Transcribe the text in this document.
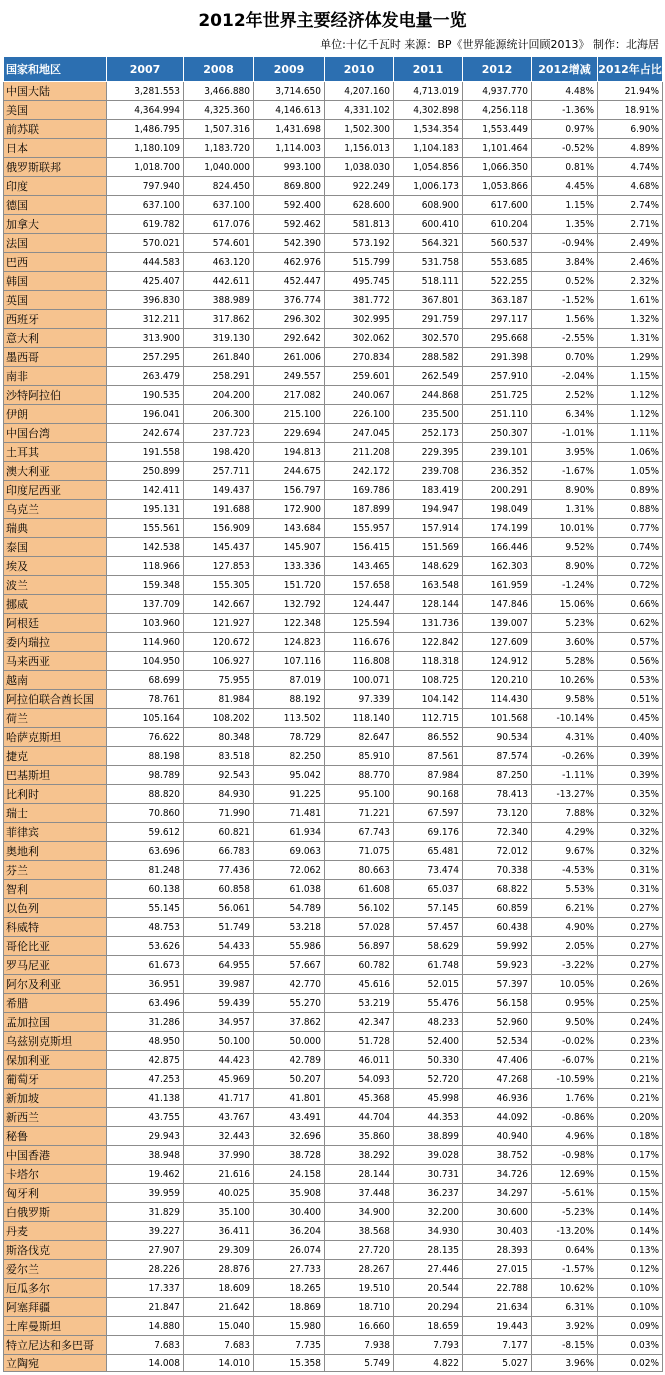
2012年世界主要经济体发电量一览
单位:十亿千瓦时 来源：BP《世界能源统计回顾2013》 制作：北海居
国家和地区	2007	2008	2009	2010	2011	2012	2012增减	2012年占比
中国大陆	3,281.553	3,466.880	3,714.650	4,207.160	4,713.019	4,937.770	4.48%	21.94%
美国	4,364.994	4,325.360	4,146.613	4,331.102	4,302.898	4,256.118	-1.36%	18.91%
前苏联	1,486.795	1,507.316	1,431.698	1,502.300	1,534.354	1,553.449	0.97%	6.90%
日本	1,180.109	1,183.720	1,114.003	1,156.013	1,104.183	1,101.464	-0.52%	4.89%
俄罗斯联邦	1,018.700	1,040.000	993.100	1,038.030	1,054.856	1,066.350	0.81%	4.74%
印度	797.940	824.450	869.800	922.249	1,006.173	1,053.866	4.45%	4.68%
德国	637.100	637.100	592.400	628.600	608.900	617.600	1.15%	2.74%
加拿大	619.782	617.076	592.462	581.813	600.410	610.204	1.35%	2.71%
法国	570.021	574.601	542.390	573.192	564.321	560.537	-0.94%	2.49%
巴西	444.583	463.120	462.976	515.799	531.758	553.685	3.84%	2.46%
韩国	425.407	442.611	452.447	495.745	518.111	522.255	0.52%	2.32%
英国	396.830	388.989	376.774	381.772	367.801	363.187	-1.52%	1.61%
西班牙	312.211	317.862	296.302	302.995	291.759	297.117	1.56%	1.32%
意大利	313.900	319.130	292.642	302.062	302.570	295.668	-2.55%	1.31%
墨西哥	257.295	261.840	261.006	270.834	288.582	291.398	0.70%	1.29%
南非	263.479	258.291	249.557	259.601	262.549	257.910	-2.04%	1.15%
沙特阿拉伯	190.535	204.200	217.082	240.067	244.868	251.725	2.52%	1.12%
伊朗	196.041	206.300	215.100	226.100	235.500	251.110	6.34%	1.12%
中国台湾	242.674	237.723	229.694	247.045	252.173	250.307	-1.01%	1.11%
土耳其	191.558	198.420	194.813	211.208	229.395	239.101	3.95%	1.06%
澳大利亚	250.899	257.711	244.675	242.172	239.708	236.352	-1.67%	1.05%
印度尼西亚	142.411	149.437	156.797	169.786	183.419	200.291	8.90%	0.89%
乌克兰	195.131	191.688	172.900	187.899	194.947	198.049	1.31%	0.88%
瑞典	155.561	156.909	143.684	155.957	157.914	174.199	10.01%	0.77%
泰国	142.538	145.437	145.907	156.415	151.569	166.446	9.52%	0.74%
埃及	118.966	127.853	133.336	143.465	148.629	162.303	8.90%	0.72%
波兰	159.348	155.305	151.720	157.658	163.548	161.959	-1.24%	0.72%
挪威	137.709	142.667	132.792	124.447	128.144	147.846	15.06%	0.66%
阿根廷	103.960	121.927	122.348	125.594	131.736	139.007	5.23%	0.62%
委内瑞拉	114.960	120.672	124.823	116.676	122.842	127.609	3.60%	0.57%
马来西亚	104.950	106.927	107.116	116.808	118.318	124.912	5.28%	0.56%
越南	68.699	75.955	87.019	100.071	108.725	120.210	10.26%	0.53%
阿拉伯联合酋长国	78.761	81.984	88.192	97.339	104.142	114.430	9.58%	0.51%
荷兰	105.164	108.202	113.502	118.140	112.715	101.568	-10.14%	0.45%
哈萨克斯坦	76.622	80.348	78.729	82.647	86.552	90.534	4.31%	0.40%
捷克	88.198	83.518	82.250	85.910	87.561	87.574	-0.26%	0.39%
巴基斯坦	98.789	92.543	95.042	88.770	87.984	87.250	-1.11%	0.39%
比利时	88.820	84.930	91.225	95.100	90.168	78.413	-13.27%	0.35%
瑞士	70.860	71.990	71.481	71.221	67.597	73.120	7.88%	0.32%
菲律宾	59.612	60.821	61.934	67.743	69.176	72.340	4.29%	0.32%
奥地利	63.696	66.783	69.063	71.075	65.481	72.012	9.67%	0.32%
芬兰	81.248	77.436	72.062	80.663	73.474	70.338	-4.53%	0.31%
智利	60.138	60.858	61.038	61.608	65.037	68.822	5.53%	0.31%
以色列	55.145	56.061	54.789	56.102	57.145	60.859	6.21%	0.27%
科威特	48.753	51.749	53.218	57.028	57.457	60.438	4.90%	0.27%
哥伦比亚	53.626	54.433	55.986	56.897	58.629	59.992	2.05%	0.27%
罗马尼亚	61.673	64.955	57.667	60.782	61.748	59.923	-3.22%	0.27%
阿尔及利亚	36.951	39.987	42.770	45.616	52.015	57.397	10.05%	0.26%
希腊	63.496	59.439	55.270	53.219	55.476	56.158	0.95%	0.25%
孟加拉国	31.286	34.957	37.862	42.347	48.233	52.960	9.50%	0.24%
乌兹别克斯坦	48.950	50.100	50.000	51.728	52.400	52.534	-0.02%	0.23%
保加利亚	42.875	44.423	42.789	46.011	50.330	47.406	-6.07%	0.21%
葡萄牙	47.253	45.969	50.207	54.093	52.720	47.268	-10.59%	0.21%
新加坡	41.138	41.717	41.801	45.368	45.998	46.936	1.76%	0.21%
新西兰	43.755	43.767	43.491	44.704	44.353	44.092	-0.86%	0.20%
秘鲁	29.943	32.443	32.696	35.860	38.899	40.940	4.96%	0.18%
中国香港	38.948	37.990	38.728	38.292	39.028	38.752	-0.98%	0.17%
卡塔尔	19.462	21.616	24.158	28.144	30.731	34.726	12.69%	0.15%
匈牙利	39.959	40.025	35.908	37.448	36.237	34.297	-5.61%	0.15%
白俄罗斯	31.829	35.100	30.400	34.900	32.200	30.600	-5.23%	0.14%
丹麦	39.227	36.411	36.204	38.568	34.930	30.403	-13.20%	0.14%
斯洛伐克	27.907	29.309	26.074	27.720	28.135	28.393	0.64%	0.13%
爱尔兰	28.226	28.876	27.733	28.267	27.446	27.015	-1.57%	0.12%
厄瓜多尔	17.337	18.609	18.265	19.510	20.544	22.788	10.62%	0.10%
阿塞拜疆	21.847	21.642	18.869	18.710	20.294	21.634	6.31%	0.10%
土库曼斯坦	14.880	15.040	15.980	16.660	18.659	19.443	3.92%	0.09%
特立尼达和多巴哥	7.683	7.683	7.735	7.938	7.793	7.177	-8.15%	0.03%
立陶宛	14.008	14.010	15.358	5.749	4.822	5.027	3.96%	0.02%
